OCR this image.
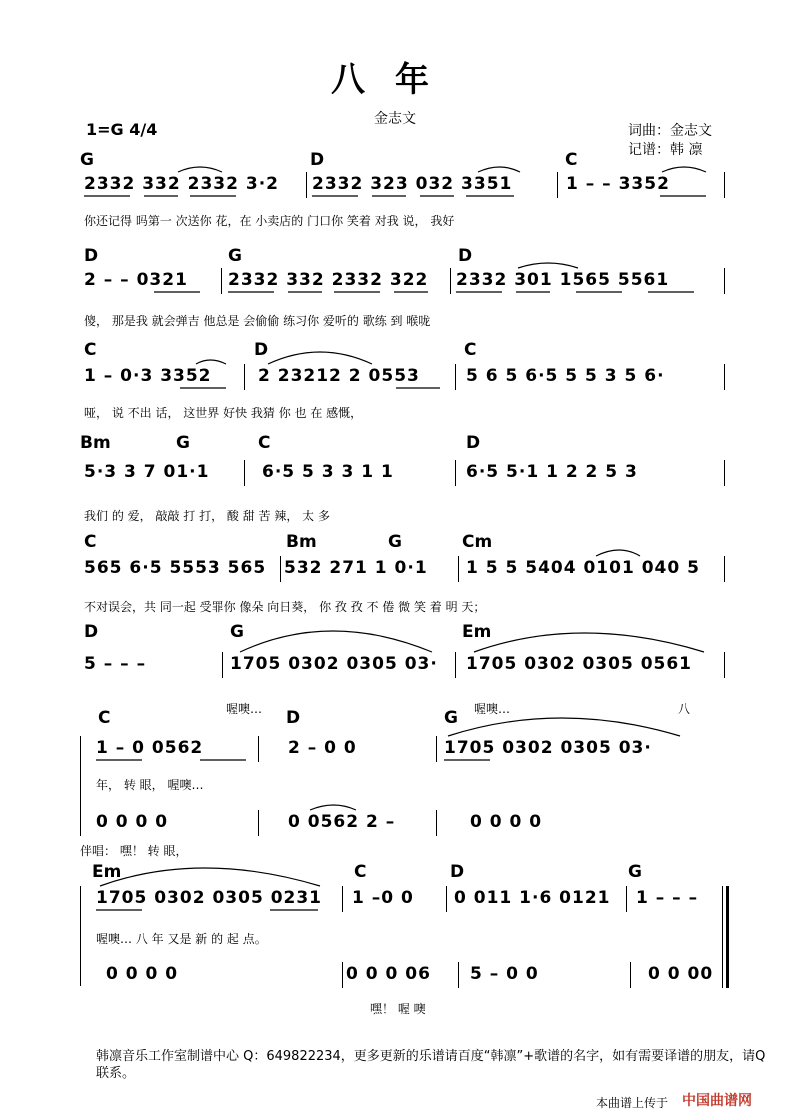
八年
金志文
1=G 4/4	词曲：金志文
记谱：韩 凛
G	D	C
2332 332 2332 3·2 2332 323 032 3351	1 – – 3352
你还记得 吗第一 次送你 花，在 小卖店的 门口你 笑着 对我 说， 我好
D	G	D
2 – – 0321 2332 332 2332 322 2332 301 1565 5561
傻， 那是我 就会弹吉 他总是 会偷偷 练习你 爱听的 歌练 到 喉咙
C	D	C
1 – 0·3 3352	2 23212 2 0553	5 6 5 6·5 5 5 3 5 6·
哑， 说 不出 话， 这世界 好快 我猜 你 也 在 感慨，
Bm	G	C	D
5·3 3 7 01·1	6·5 5 3 3 1 1	6·5 5·1 1 2 2 5 3
我们 的 爱， 敲敲 打 打， 酸 甜 苦 辣， 太 多
C	Bm	G	Cm
565 6·5 5553 565 532 271 1 0·1 1 5 5 5404 0101 040 5
不对误会，共 同一起 受罪你 像朵 向日葵， 你 孜 孜 不 倦 微 笑 着 明 天；
D	G	Em
5 – – –	1705 0302 0305 03· 1705 0302 0305 0561
喔噢…	喔噢…	八
C	D	G
1 – 0 0562	2 – 0 0	1705 0302 0305 03·
年， 转 眼， 喔噢…
0 0 0 0	0 0562 2 –	0 0 0 0
伴唱： 嘿！ 转 眼，
Em	C	D	G
1705 0302 0305 0231 1 –0 0 0 011 1·6 0121 1 – – –
喔噢… 八 年 又是 新 的 起 点。
0 0 0 0	0 0 0 06 5 – 0 0	0 0 00
嘿！ 喔 噢
韩凛音乐工作室制谱中心 Q：649822234，更多更新的乐谱请百度“韩凛”+歌谱的名字，如有需要译谱的朋友，请Q联系。
本曲谱上传于 中国曲谱网
